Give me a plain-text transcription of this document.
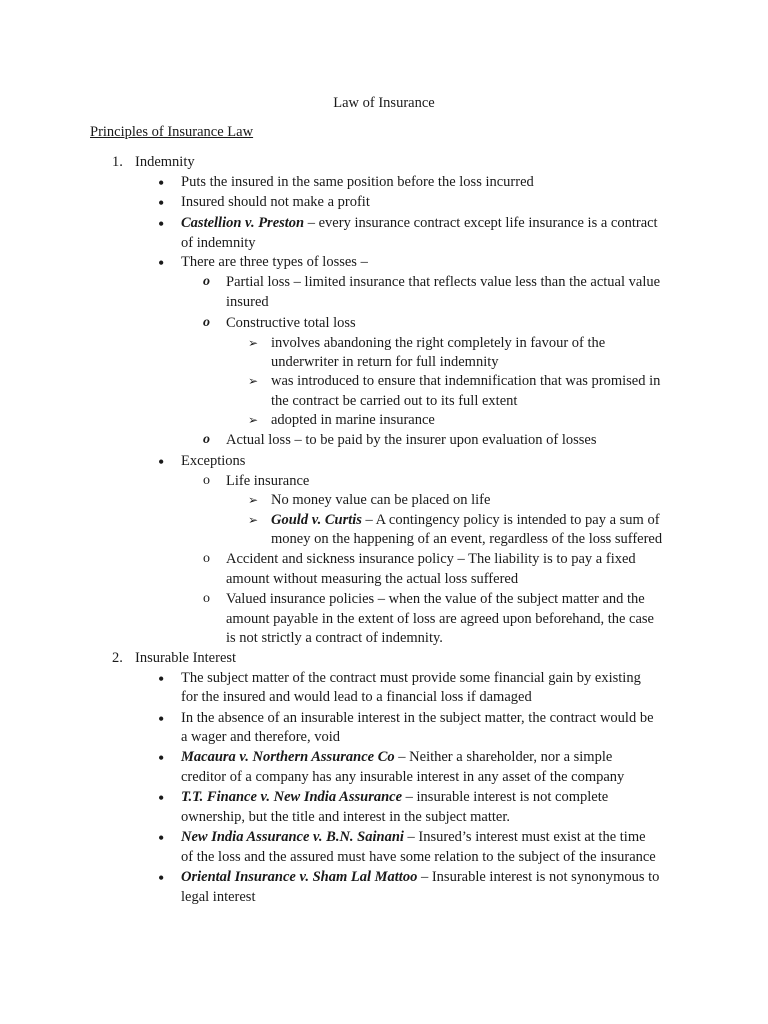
Law of Insurance
Principles of Insurance Law
1. Indemnity
• Puts the insured in the same position before the loss incurred
• Insured should not make a profit
• Castellion v. Preston – every insurance contract except life insurance is a contract
of indemnity
• There are three types of losses –
o Partial loss – limited insurance that reflects value less than the actual value
insured
o Constructive total loss
➢ involves abandoning the right completely in favour of the
underwriter in return for full indemnity
➢ was introduced to ensure that indemnification that was promised in
the contract be carried out to its full extent
➢ adopted in marine insurance
o Actual loss – to be paid by the insurer upon evaluation of losses
• Exceptions
o Life insurance
➢ No money value can be placed on life
➢ Gould v. Curtis – A contingency policy is intended to pay a sum of
money on the happening of an event, regardless of the loss suffered
o Accident and sickness insurance policy – The liability is to pay a fixed
amount without measuring the actual loss suffered
o Valued insurance policies – when the value of the subject matter and the
amount payable in the extent of loss are agreed upon beforehand, the case
is not strictly a contract of indemnity.
2. Insurable Interest
• The subject matter of the contract must provide some financial gain by existing
for the insured and would lead to a financial loss if damaged
• In the absence of an insurable interest in the subject matter, the contract would be
a wager and therefore, void
• Macaura v. Northern Assurance Co – Neither a shareholder, nor a simple
creditor of a company has any insurable interest in any asset of the company
• T.T. Finance v. New India Assurance – insurable interest is not complete
ownership, but the title and interest in the subject matter.
• New India Assurance v. B.N. Sainani – Insured’s interest must exist at the time
of the loss and the assured must have some relation to the subject of the insurance
• Oriental Insurance v. Sham Lal Mattoo – Insurable interest is not synonymous to
legal interest
